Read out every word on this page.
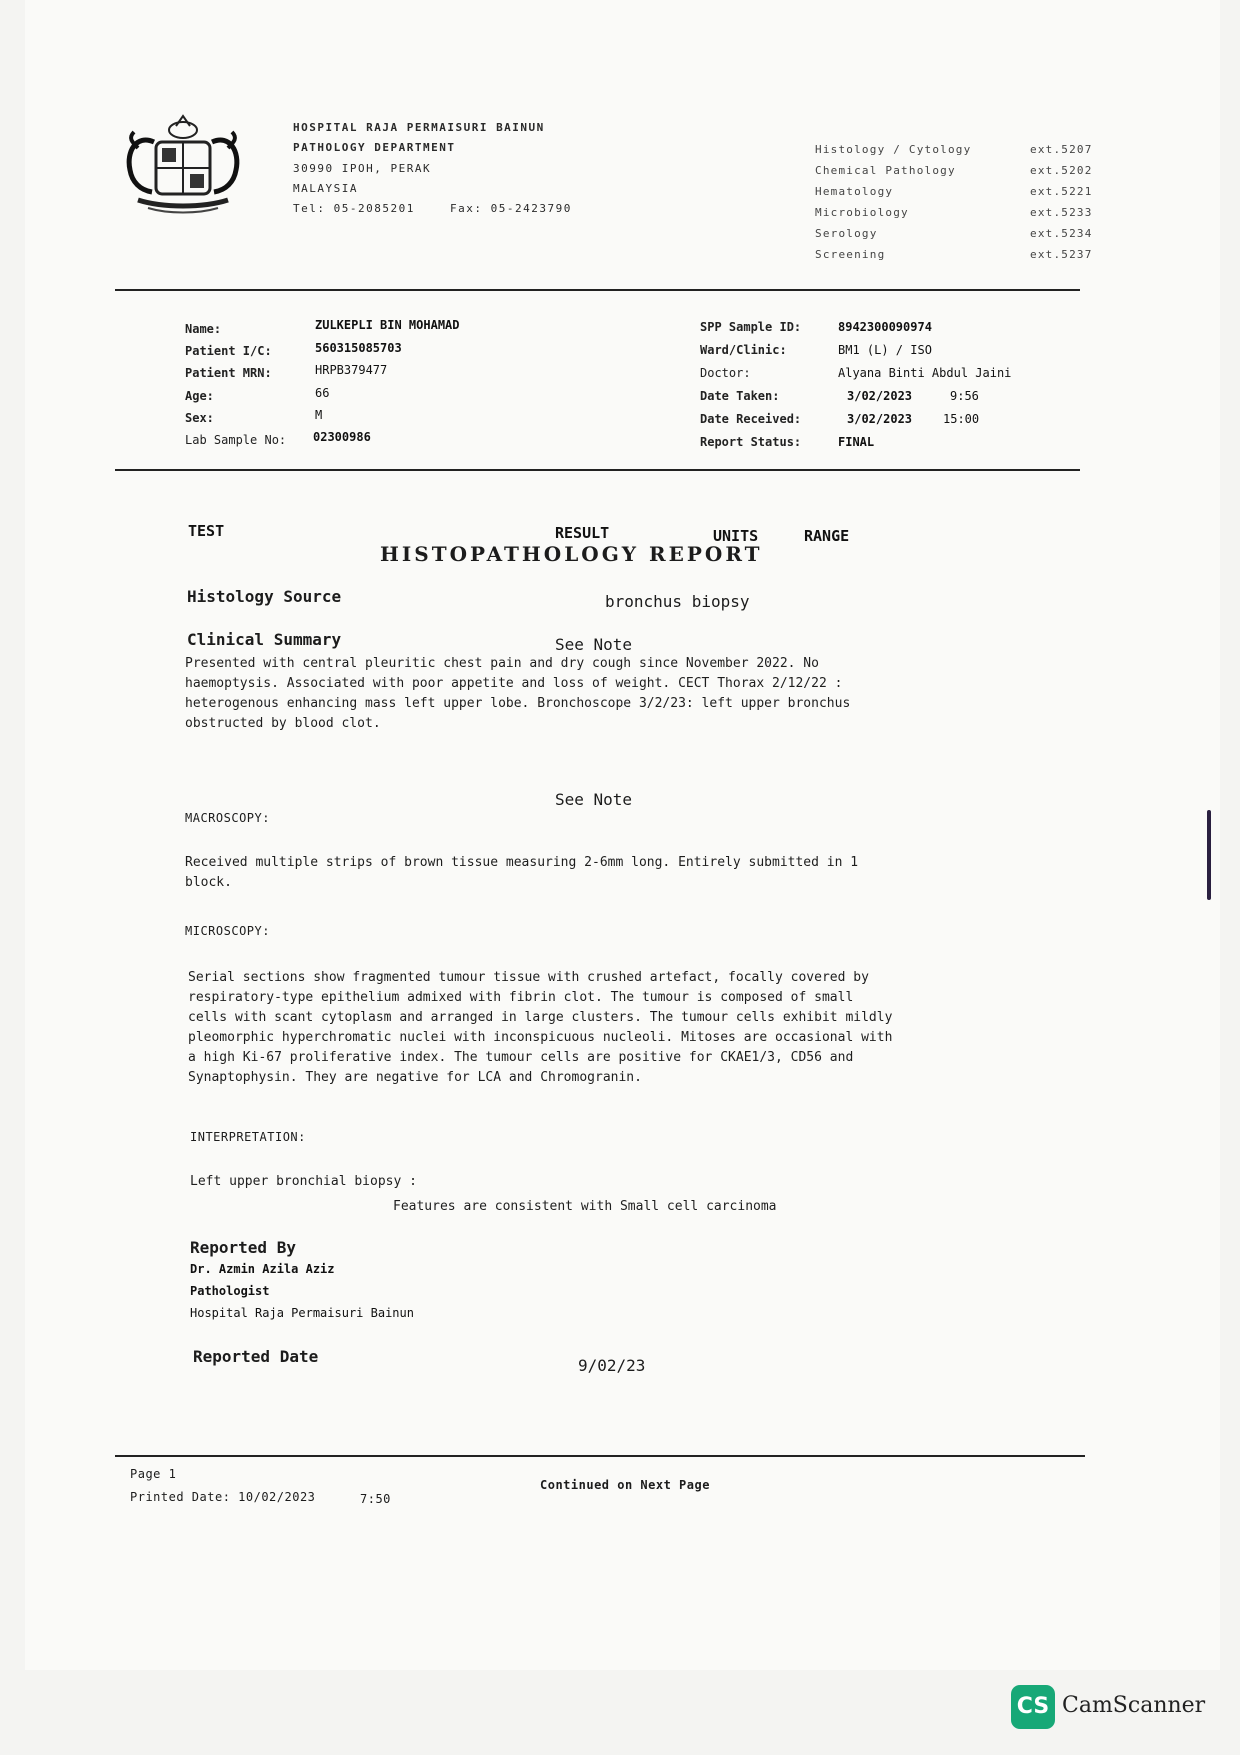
HOSPITAL RAJA PERMAISURI BAINUN
PATHOLOGY DEPARTMENT
30990 IPOH, PERAK
MALAYSIA
Tel: 05-2085201	Fax: 05-2423790
Histology / Cytology	ext.5207
Chemical Pathology	ext.5202
Hematology	ext.5221
Microbiology	ext.5233
Serology	ext.5234
Screening	ext.5237
Name:	ZULKEPLI BIN MOHAMAD
Patient I/C:	560315085703
Patient MRN:	HRPB379477
Age:	66
Sex:	M
Lab Sample No: 02300986
SPP Sample ID:	8942300090974
Ward/Clinic:	BM1 (L) / ISO
Doctor:	Alyana Binti Abdul Jaini
Date Taken:	3/02/2023	9:56
Date Received:	3/02/2023	15:00
Report Status:	FINAL
TEST	RESULT	UNITS	RANGE
HISTOPATHOLOGY REPORT
Histology Source	bronchus biopsy
Clinical Summary	See Note
Presented with central pleuritic chest pain and dry cough since November 2022. No
haemoptysis. Associated with poor appetite and loss of weight. CECT Thorax 2/12/22 :
heterogenous enhancing mass left upper lobe. Bronchoscope 3/2/23: left upper bronchus
obstructed by blood clot.
See Note
MACROSCOPY:
Received multiple strips of brown tissue measuring 2-6mm long. Entirely submitted in 1
block.
MICROSCOPY:
Serial sections show fragmented tumour tissue with crushed artefact, focally covered by
respiratory-type epithelium admixed with fibrin clot. The tumour is composed of small
cells with scant cytoplasm and arranged in large clusters. The tumour cells exhibit mildly
pleomorphic hyperchromatic nuclei with inconspicuous nucleoli. Mitoses are occasional with
a high Ki-67 proliferative index. The tumour cells are positive for CKAE1/3, CD56 and
Synaptophysin. They are negative for LCA and Chromogranin.
INTERPRETATION:
Left upper bronchial biopsy :
Features are consistent with Small cell carcinoma
Reported By
Dr. Azmin Azila Aziz
Pathologist
Hospital Raja Permaisuri Bainun
Reported Date	9/02/23
Page 1
Printed Date: 10/02/2023	7:50
Continued on Next Page
CS CamScanner
